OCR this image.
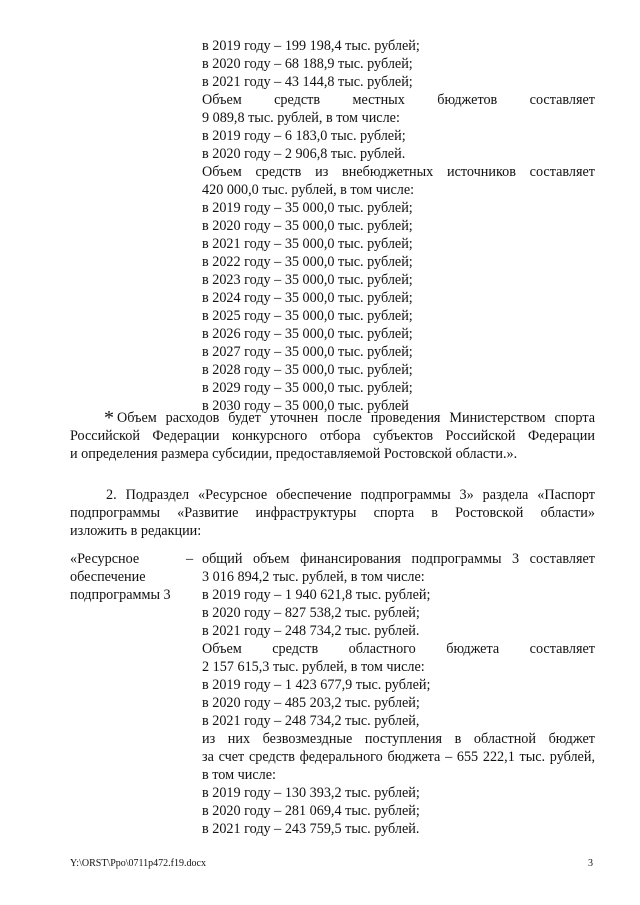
в 2019 году – 199 198,4 тыс. рублей;
в 2020 году – 68 188,9 тыс. рублей;
в 2021 году – 43 144,8 тыс. рублей;
Объем средств местных бюджетов составляет
9 089,8 тыс. рублей, в том числе:
в 2019 году – 6 183,0 тыс. рублей;
в 2020 году – 2 906,8 тыс. рублей.
Объем средств из внебюджетных источников составляет
420 000,0 тыс. рублей, в том числе:
в 2019 году – 35 000,0 тыс. рублей;
в 2020 году – 35 000,0 тыс. рублей;
в 2021 году – 35 000,0 тыс. рублей;
в 2022 году – 35 000,0 тыс. рублей;
в 2023 году – 35 000,0 тыс. рублей;
в 2024 году – 35 000,0 тыс. рублей;
в 2025 году – 35 000,0 тыс. рублей;
в 2026 году – 35 000,0 тыс. рублей;
в 2027 году – 35 000,0 тыс. рублей;
в 2028 году – 35 000,0 тыс. рублей;
в 2029 году – 35 000,0 тыс. рублей;
в 2030 году – 35 000,0 тыс. рублей
* Объем расходов будет уточнен после проведения Министерством спорта
Российской Федерации конкурсного отбора субъектов Российской Федерации
и определения размера субсидии, предоставляемой Ростовской области.».
2. Подраздел «Ресурсное обеспечение подпрограммы 3» раздела «Паспорт
подпрограммы «Развитие инфраструктуры спорта в Ростовской области»
изложить в редакции:
«Ресурсное
обеспечение
подпрограммы 3
– общий объем финансирования подпрограммы 3 составляет
3 016 894,2 тыс. рублей, в том числе:
в 2019 году – 1 940 621,8 тыс. рублей;
в 2020 году – 827 538,2 тыс. рублей;
в 2021 году – 248 734,2 тыс. рублей.
Объем средств областного бюджета составляет
2 157 615,3 тыс. рублей, в том числе:
в 2019 году – 1 423 677,9 тыс. рублей;
в 2020 году – 485 203,2 тыс. рублей;
в 2021 году – 248 734,2 тыс. рублей,
из них безвозмездные поступления в областной бюджет
за счет средств федерального бюджета – 655 222,1 тыс. рублей,
в том числе:
в 2019 году – 130 393,2 тыс. рублей;
в 2020 году – 281 069,4 тыс. рублей;
в 2021 году – 243 759,5 тыс. рублей.
Y:\ORST\Ppo\0711p472.f19.docx	3
